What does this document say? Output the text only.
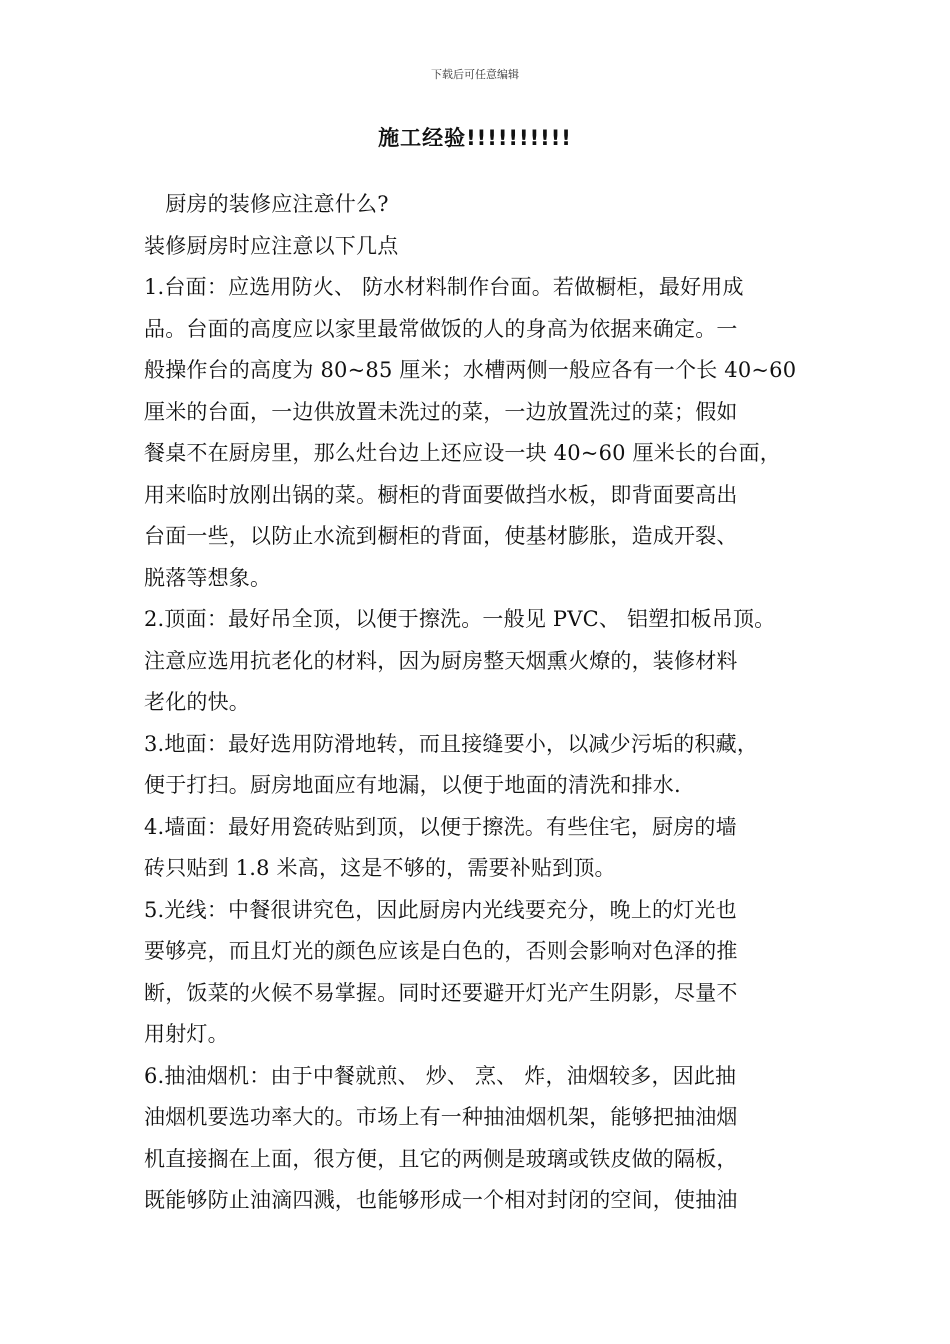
下载后可任意编辑
施工经验!!!!!!!!!!
　厨房的装修应注意什么?
装修厨房时应注意以下几点
1.台面：应选用防火、 防水材料制作台面。若做橱柜，最好用成
品。台面的高度应以家里最常做饭的人的身高为依据来确定。一
般操作台的高度为 80~85 厘米；水槽两侧一般应各有一个长 40~60
厘米的台面，一边供放置未洗过的菜，一边放置洗过的菜；假如
餐桌不在厨房里，那么灶台边上还应设一块 40~60 厘米长的台面，
用来临时放刚出锅的菜。橱柜的背面要做挡水板，即背面要高出
台面一些，以防止水流到橱柜的背面，使基材膨胀，造成开裂、
脱落等想象。
2.顶面：最好吊全顶，以便于擦洗。一般见 PVC、 铝塑扣板吊顶。
注意应选用抗老化的材料，因为厨房整天烟熏火燎的，装修材料
老化的快。
3.地面：最好选用防滑地转，而且接缝要小，以减少污垢的积藏，
便于打扫。厨房地面应有地漏，以便于地面的清洗和排水.
4.墙面：最好用瓷砖贴到顶，以便于擦洗。有些住宅，厨房的墙
砖只贴到 1.8 米高，这是不够的，需要补贴到顶。
5.光线：中餐很讲究色，因此厨房内光线要充分，晚上的灯光也
要够亮，而且灯光的颜色应该是白色的，否则会影响对色泽的推
断，饭菜的火候不易掌握。同时还要避开灯光产生阴影，尽量不
用射灯。
6.抽油烟机：由于中餐就煎、 炒、 烹、 炸，油烟较多，因此抽
油烟机要选功率大的。市场上有一种抽油烟机架，能够把抽油烟
机直接搁在上面，很方便，且它的两侧是玻璃或铁皮做的隔板，
既能够防止油滴四溅，也能够形成一个相对封闭的空间，使抽油
